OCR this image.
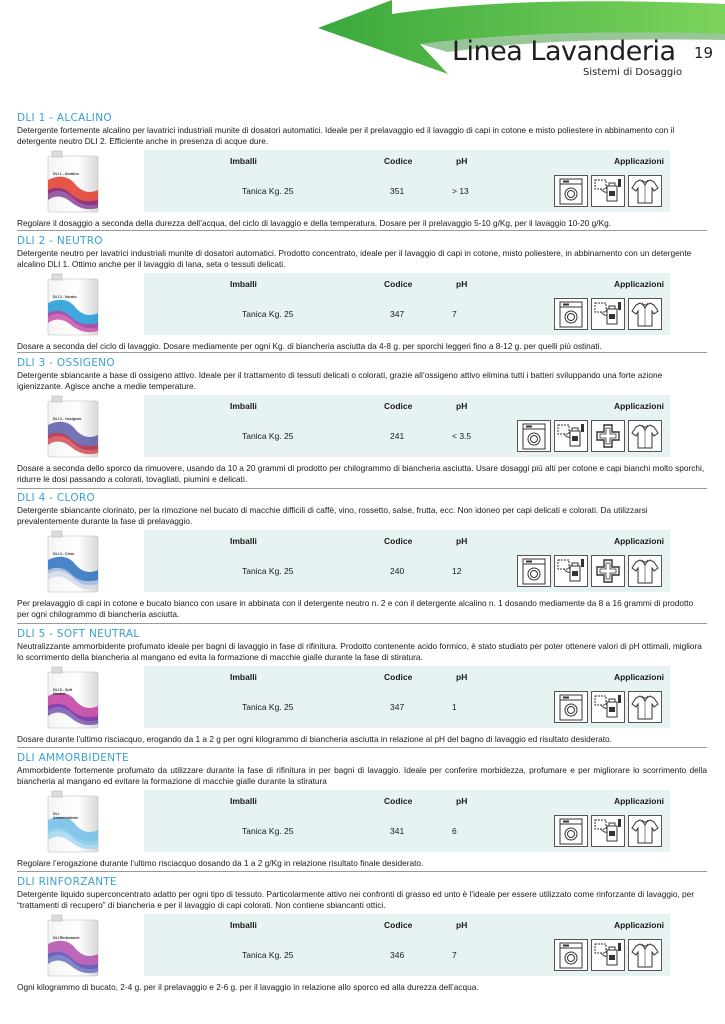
Linea Lavanderia 19
Sistemi di Dosaggio
DLI 1 - ALCALINO
Detergente fortemente alcalino per lavatrici industriali munite di dosatori automatici. Ideale per il prelavaggio ed il lavaggio di capi in cotone e misto poliestere in abbinamento con il detergente neutro DLI 2. Efficiente anche in presenza di acque dure.
DLI 1 - Alcalino
Imballi	Codice	pH	Applicazioni
Tanica Kg. 25	351	> 13
Regolare il dosaggio a seconda della durezza dell’acqua, del ciclo di lavaggio e della temperatura. Dosare per il prelavaggio 5-10 g/Kg, per il lavaggio 10-20 g/Kg.
DLI 2 - NEUTRO
Detergente neutro per lavatrici industriali munite di dosatori automatici. Prodotto concentrato, ideale per il lavaggio di capi in cotone, misto poliestere, in abbinamento con un detergente alcalino DLI 1. Ottimo anche per il lavaggio di lana, seta o tessuti delicati.
DLI 2 - Neutro
Imballi	Codice	pH	Applicazioni
Tanica Kg. 25	347	7
Dosare a seconda del ciclo di lavaggio. Dosare mediamente per ogni Kg. di biancheria asciutta da 4-8 g. per sporchi leggeri fino a 8-12 g. per quelli più ostinati.
DLI 3 - OSSIGENO
Detergente sbiancante a base di ossigeno attivo. Ideale per il trattamento di tessuti delicati o colorati, grazie all’ossigeno attivo elimina tutti i batteri sviluppando una forte azione igienizzante. Agisce anche a medie temperature.
DLI 3 - Ossigeno
Imballi	Codice	pH	Applicazioni
Tanica Kg. 25	241	< 3.5
Dosare a seconda dello sporco da rimuovere, usando da 10 a 20 grammi di prodotto per chilogrammo di biancheria asciutta. Usare dosaggi più alti per cotone e capi bianchi molto sporchi, ridurre le dosi passando a colorati, tovagliati, piumini e delicati.
DLI 4 - CLORO
Detergente sbiancante clorinato, per la rimozione nel bucato di macchie difficili di caffè, vino, rossetto, salse, frutta, ecc. Non idoneo per capi delicati e colorati. Da utilizzarsi prevalentemente durante la fase di prelavaggio.
DLI 4 - Cloro
Imballi	Codice	pH	Applicazioni
Tanica Kg. 25	240	12
Per prelavaggio di capi in cotone e bucato bianco con usare in abbinata con il detergente neutro n. 2 e con il detergente alcalino n. 1 dosando mediamente da 8 a 16 grammi di prodotto per ogni chilogrammo di biancheria asciutta.
DLI 5 - SOFT NEUTRAL
Neutralizzante ammorbidente profumato ideale per bagni di lavaggio in fase di rifinitura. Prodotto contenente acido formico, è stato studiato per poter ottenere valori di pH ottimali, migliora lo scorrimento della biancheria al mangano ed evita la formazione di macchie gialle durante la fase di stiratura.
DLI 5 - Soft Neutral
Imballi	Codice	pH	Applicazioni
Tanica Kg. 25	347	1
Dosare durante l’ultimo risciacquo, erogando da 1 a 2 g per ogni kilogrammo di biancheria asciutta in relazione al pH del bagno di lavaggio ed risultato desiderato.
DLI AMMORBIDENTE
Ammorbidente fortemente profumato da utilizzare durante la fase di rifinitura in per bagni di lavaggio. Ideale per conferire morbidezza, profumare e per migliorare lo scorrimento della biancheria al mangano ed evitare la formazione di macchie gialle durante la stiratura
DLI Ammorbidente
Imballi	Codice	pH	Applicazioni
Tanica Kg. 25	341	6
Regolare l’erogazione durante l’ultimo risciacquo dosando da 1 a 2 g/Kg in relazione risultato finale desiderato.
DLI RINFORZANTE
Detergente liquido superconcentrato adatto per ogni tipo di tessuto. Particolarmente attivo nei confronti di grasso ed unto è l’ideale per essere utilizzato come rinforzante di lavaggio, per “trattamenti di recupero” di biancheria e per il lavaggio di capi colorati. Non contiene sbiancanti ottici.
DLI Rinforzante
Imballi	Codice	pH	Applicazioni
Tanica Kg. 25	346	7
Ogni kilogrammo di bucato, 2-4 g. per il prelavaggio e 2-6 g. per il lavaggio in relazione allo sporco ed alla durezza dell’acqua.
